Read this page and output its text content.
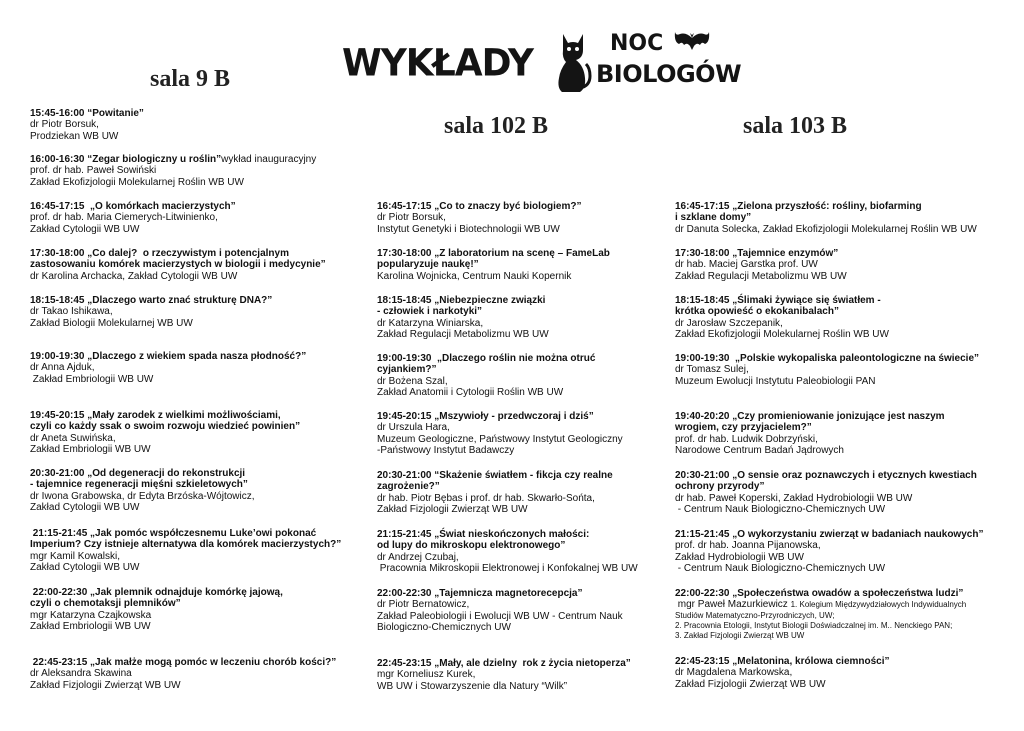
WYKŁADY	NOC
BIOLOGÓW
sala 9 B
sala 102 B	sala 103 B
15:45-16:00 “Powitanie”
dr Piotr Borsuk,
Prodziekan WB UW
16:00-16:30 “Zegar biologiczny u roślin”wykład inauguracyjny
prof. dr hab. Paweł Sowiński
Zakład Ekofizjologii Molekularnej Roślin WB UW
16:45-17:15  „O komórkach macierzystych”
prof. dr hab. Maria Ciemerych-Litwinienko,
Zakład Cytologii WB UW
17:30-18:00 „Co dalej?  o rzeczywistym i potencjalnym
zastosowaniu komórek macierzystych w biologii i medycynie”
dr Karolina Archacka, Zakład Cytologii WB UW
18:15-18:45 „Dlaczego warto znać strukturę DNA?”
dr Takao Ishikawa,
Zakład Biologii Molekularnej WB UW
19:00-19:30 „Dlaczego z wiekiem spada nasza płodność?”
dr Anna Ajduk,
Zakład Embriologii WB UW
19:45-20:15 „Mały zarodek z wielkimi możliwościami,
czyli co każdy ssak o swoim rozwoju wiedzieć powinien”
dr Aneta Suwińska,
Zakład Embriologii WB UW
20:30-21:00 „Od degeneracji do rekonstrukcji
- tajemnice regeneracji mięśni szkieletowych”
dr Iwona Grabowska, dr Edyta Brzóska-Wójtowicz,
Zakład Cytologii WB UW
21:15-21:45 „Jak pomóc współczesnemu Luke’owi pokonać
Imperium? Czy istnieje alternatywa dla komórek macierzystych?”
mgr Kamil Kowalski,
Zakład Cytologii WB UW
22:00-22:30 „Jak plemnik odnajduje komórkę jajową,
czyli o chemotaksji plemników”
mgr Katarzyna Czajkowska
Zakład Embriologii WB UW
22:45-23:15 „Jak małże mogą pomóc w leczeniu chorób kości?”
dr Aleksandra Skawina
Zakład Fizjologii Zwierząt WB UW
16:45-17:15 „Co to znaczy być biologiem?”
dr Piotr Borsuk,
Instytut Genetyki i Biotechnologii WB UW
17:30-18:00 „Z laboratorium na scenę – FameLab
popularyzuje naukę!”
Karolina Wojnicka, Centrum Nauki Kopernik
18:15-18:45 „Niebezpieczne związki
- człowiek i narkotyki”
dr Katarzyna Winiarska,
Zakład Regulacji Metabolizmu WB UW
19:00-19:30  „Dlaczego roślin nie można otruć
cyjankiem?”
dr Bożena Szal,
Zakład Anatomii i Cytologii Roślin WB UW
19:45-20:15 „Mszywioły - przedwczoraj i dziś”
dr Urszula Hara,
Muzeum Geologiczne, Państwowy Instytut Geologiczny
-Państwowy Instytut Badawczy
20:30-21:00 “Skażenie światłem - fikcja czy realne
zagrożenie?”
dr hab. Piotr Bębas i prof. dr hab. Skwarło-Sońta,
Zakład Fizjologii Zwierząt WB UW
21:15-21:45 „Świat nieskończonych małości:
od lupy do mikroskopu elektronowego”
dr Andrzej Czubaj,
Pracownia Mikroskopii Elektronowej i Konfokalnej WB UW
22:00-22:30 „Tajemnicza magnetorecepcja”
dr Piotr Bernatowicz,
Zakład Paleobiologii i Ewolucji WB UW - Centrum Nauk
Biologiczno-Chemicznych UW
22:45-23:15 „Mały, ale dzielny  rok z życia nietoperza”
mgr Korneliusz Kurek,
WB UW i Stowarzyszenie dla Natury “Wilk”
16:45-17:15 „Zielona przyszłość: rośliny, biofarming
i szklane domy”
dr Danuta Solecka, Zakład Ekofizjologii Molekularnej Roślin WB UW
17:30-18:00 „Tajemnice enzymów”
dr hab. Maciej Garstka prof. UW
Zakład Regulacji Metabolizmu WB UW
18:15-18:45 „Ślimaki żywiące się światłem -
krótka opowieść o ekokanibalach”
dr Jarosław Szczepanik,
Zakład Ekofizjologii Molekularnej Roślin WB UW
19:00-19:30  „Polskie wykopaliska paleontologiczne na świecie”
dr Tomasz Sulej,
Muzeum Ewolucji Instytutu Paleobiologii PAN
19:40-20:20 „Czy promieniowanie jonizujące jest naszym
wrogiem, czy przyjacielem?”
prof. dr hab. Ludwik Dobrzyński,
Narodowe Centrum Badań Jądrowych
20:30-21:00 „O sensie oraz poznawczych i etycznych kwestiach
ochrony przyrody”
dr hab. Paweł Koperski, Zakład Hydrobiologii WB UW
- Centrum Nauk Biologiczno-Chemicznych UW
21:15-21:45 „O wykorzystaniu zwierząt w badaniach naukowych”
prof. dr hab. Joanna Pijanowska,
Zakład Hydrobiologii WB UW
- Centrum Nauk Biologiczno-Chemicznych UW
22:00-22:30 „Społeczeństwa owadów a społeczeństwa ludzi”
mgr Paweł Mazurkiewicz 1. Kolegium Międzywydziałowych Indywidualnych
Studiów Matematyczno-Przyrodniczych, UW;
2. Pracownia Etologii, Instytut Biologii Doświadczalnej im. M.. Nenckiego PAN;
3. Zakład Fizjologii Zwierząt WB UW
22:45-23:15 „Melatonina, królowa ciemności”
dr Magdalena Markowska,
Zakład Fizjologii Zwierząt WB UW
